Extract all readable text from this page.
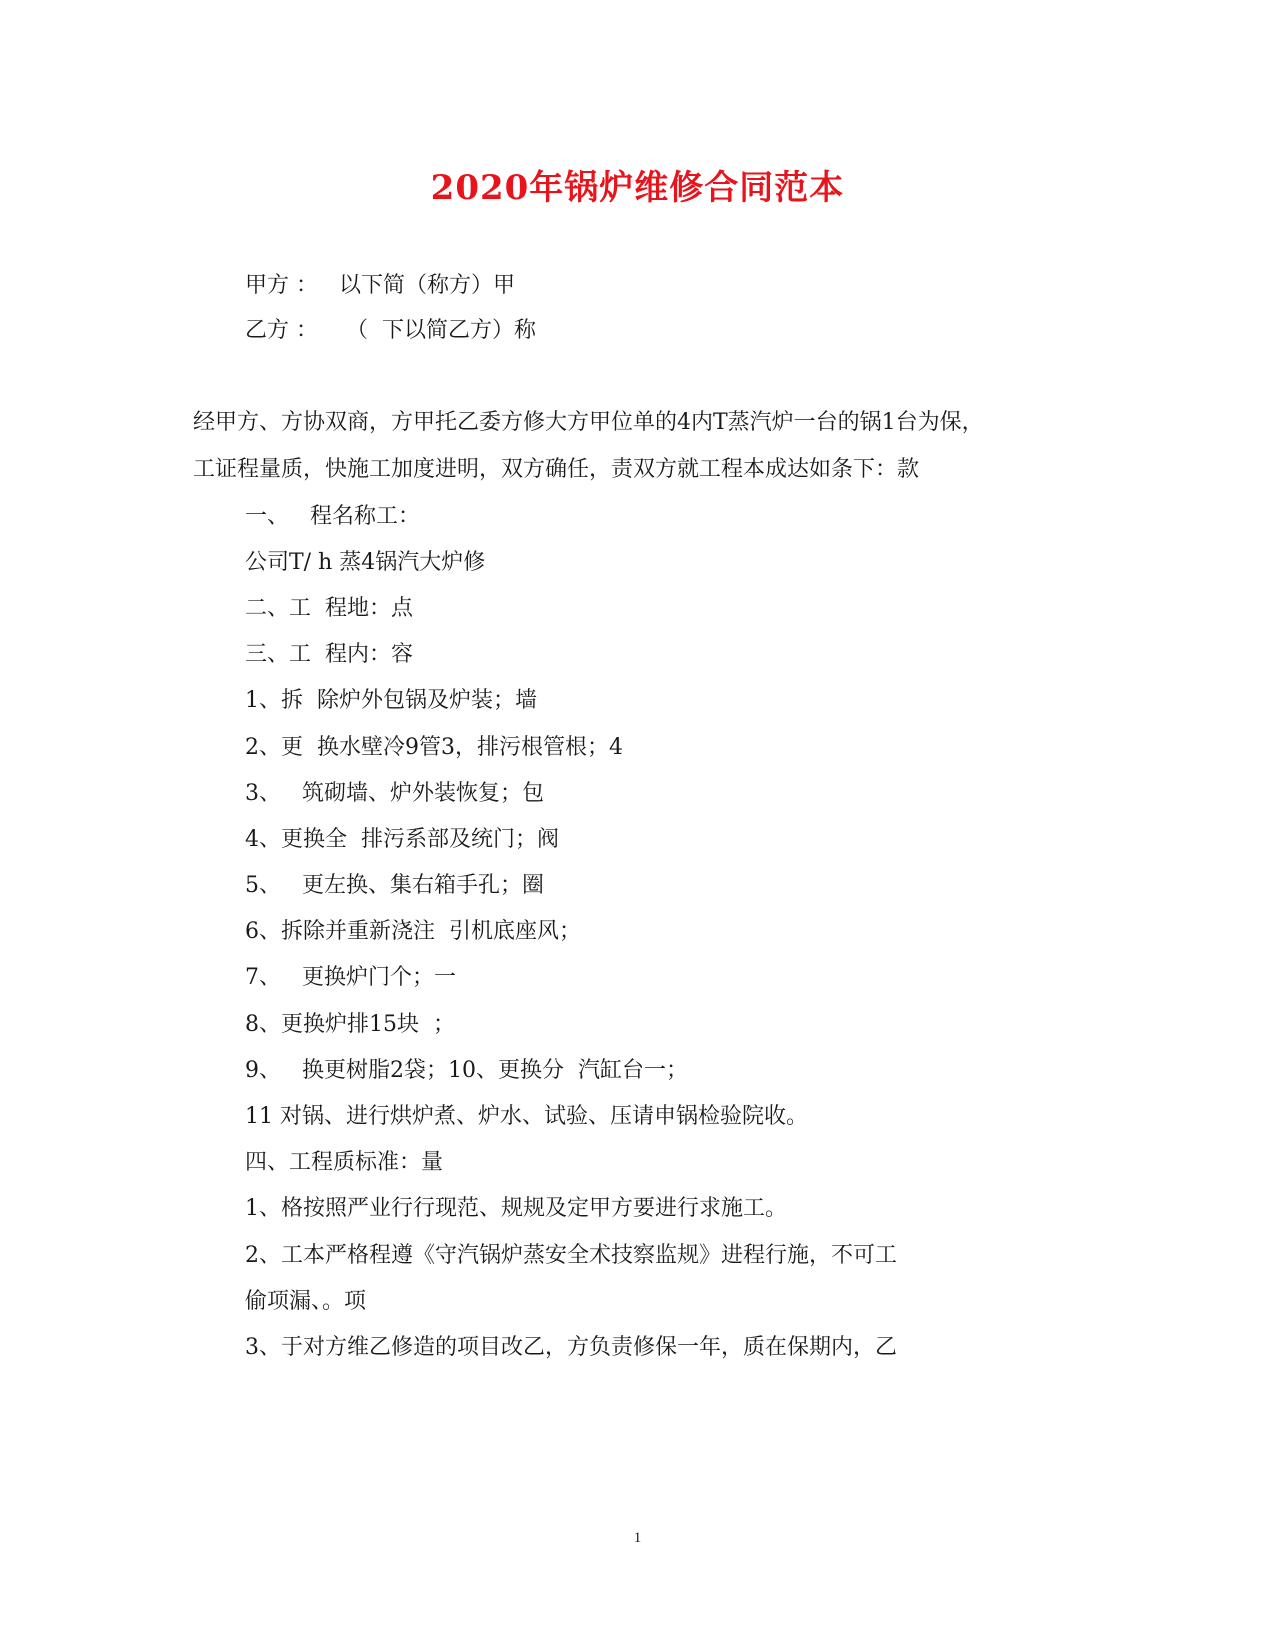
2020年锅炉维修合同范本
甲方 ：   以下简（称方）甲
乙方 ：    （  下以简乙方）称
经甲方、方协双商，方甲托乙委方修大方甲位单的4内T蒸汽炉一台的锅1台为保，
工证程量质，快施工加度进明，双方确任，责双方就工程本成达如条下：款
一、   程名称工：
公司T/ h 蒸4锅汽大炉修
二、工  程地：点
三、工  程内：容
1、拆  除炉外包锅及炉装；墙
2、更  换水壁冷9管3，排污根管根；4
3、   筑砌墙、炉外装恢复；包
4、更换全  排污系部及统门；阀
5、   更左换、集右箱手孔；圈
6、拆除并重新浇注  引机底座风；
7、   更换炉门个；一
8、更换炉排15块  ；
9、   换更树脂2袋；10、更换分  汽缸台一；
11 对锅、进行烘炉煮、炉水、试验、压请申锅检验院收。
四、工程质标准：量
1、格按照严业行行现范、规规及定甲方要进行求施工。
2、工本严格程遵《守汽锅炉蒸安全术技察监规》进程行施，不可工
偷项漏、。项
3、于对方维乙修造的项目改乙，方负责修保一年，质在保期内，乙
1
